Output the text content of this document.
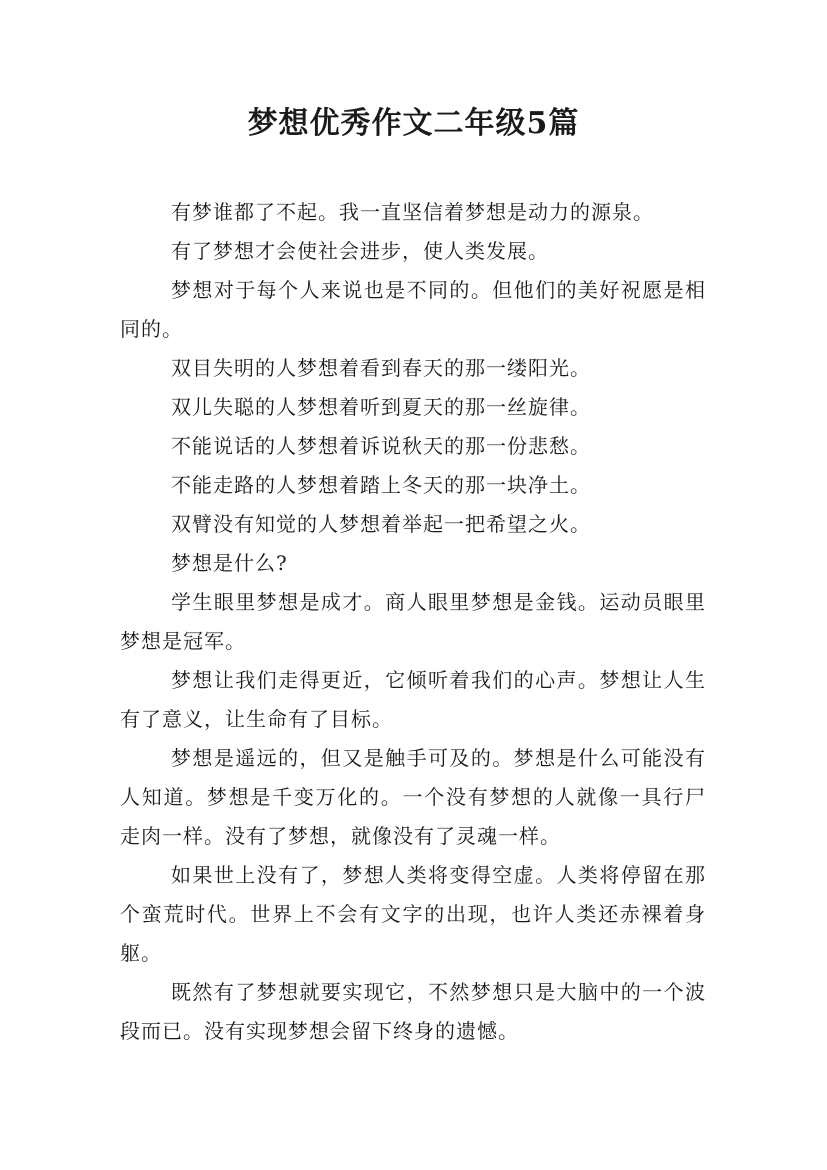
梦想优秀作文二年级5篇

有梦谁都了不起。我一直坚信着梦想是动力的源泉。

有了梦想才会使社会进步，使人类发展。

梦想对于每个人来说也是不同的。但他们的美好祝愿是相同的。

双目失明的人梦想着看到春天的那一缕阳光。

双儿失聪的人梦想着听到夏天的那一丝旋律。

不能说话的人梦想着诉说秋天的那一份悲愁。

不能走路的人梦想着踏上冬天的那一块净土。

双臂没有知觉的人梦想着举起一把希望之火。

梦想是什么?

学生眼里梦想是成才。商人眼里梦想是金钱。运动员眼里梦想是冠军。

梦想让我们走得更近，它倾听着我们的心声。梦想让人生有了意义，让生命有了目标。

梦想是遥远的，但又是触手可及的。梦想是什么可能没有人知道。梦想是千变万化的。一个没有梦想的人就像一具行尸走肉一样。没有了梦想，就像没有了灵魂一样。

如果世上没有了，梦想人类将变得空虚。人类将停留在那个蛮荒时代。世界上不会有文字的出现，也许人类还赤裸着身躯。

既然有了梦想就要实现它，不然梦想只是大脑中的一个波段而已。没有实现梦想会留下终身的遗憾。
